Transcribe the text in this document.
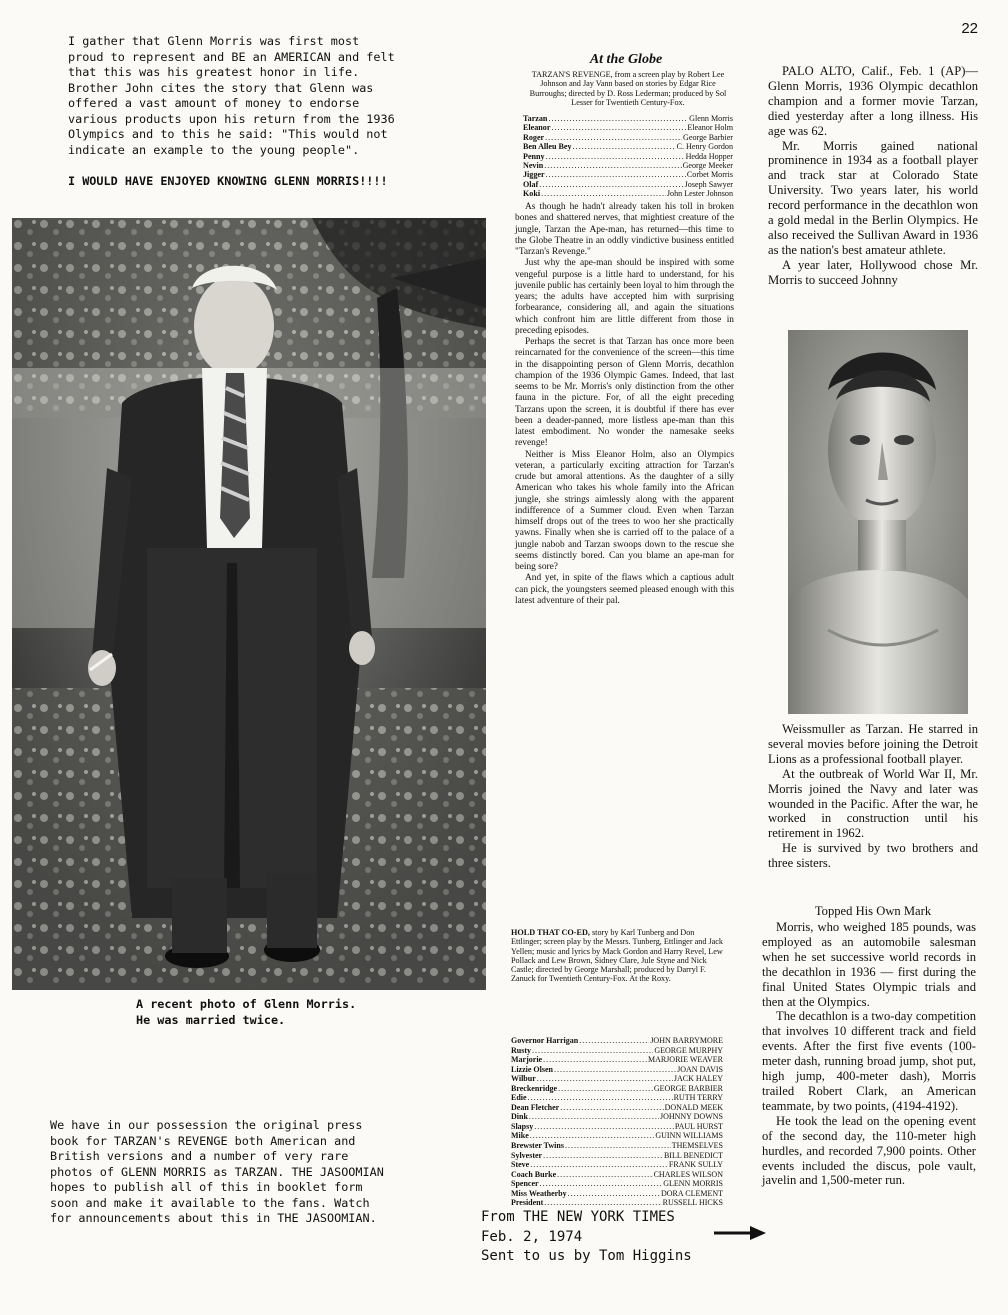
22
I gather that Glenn Morris was first most
proud to represent and BE an AMERICAN and felt
that this was his greatest honor in life.
Brother John cites the story that Glenn was
offered a vast amount of money to endorse
various products upon his return from the 1936
Olympics and to this he said: "This would not
indicate an example to the young people".
I WOULD HAVE ENJOYED KNOWING GLENN MORRIS!!!!
A recent photo of Glenn Morris.
He was married twice.
We have in our possession the original press
book for TARZAN's REVENGE both American and
British versions and a number of very rare
photos of GLENN MORRIS as TARZAN. THE JASOOMIAN
hopes to publish all of this in booklet form
soon and make it available to the fans. Watch
for announcements about this in THE JASOOMIAN.
At the Globe
TARZAN'S REVENGE, from a screen play by Robert Lee Johnson and Jay Vann based on stories by Edgar Rice Burroughs; directed by D. Ross Lederman; produced by Sol Lesser for Twentieth Century-Fox.
Tarzan .....	Glenn Morris
Eleanor .....	Eleanor Holm
Roger .....	George Barbier
Ben Alleu Bey .....	C. Henry Gordon
Penny .....	Hedda Hopper
Nevin .....	George Meeker
Jigger .....	Corbet Morris
Olaf .....	Joseph Sawyer
Koki .....	John Lester Johnson

As though he hadn't already taken his toll in broken bones and shattered nerves, that mightiest creature of the jungle, Tarzan the Ape-man, has returned—this time to the Globe Theatre in an oddly vindictive business entitled "Tarzan's Revenge."

Just why the ape-man should be inspired with some vengeful purpose is a little hard to understand, for his juvenile public has certainly been loyal to him through the years; the adults have accepted him with surprising forbearance, considering all, and again the situations which confront him are little different from those in preceding episodes.

Perhaps the secret is that Tarzan has once more been reincarnated for the convenience of the screen—this time in the disappointing person of Glenn Morris, decathlon champion of the 1936 Olympic Games. Indeed, that last seems to be Mr. Morris's only distinction from the other fauna in the picture. For, of all the eight preceding Tarzans upon the screen, it is doubtful if there has ever been a deader-panned, more listless ape-man than this latest embodiment. No wonder the namesake seeks revenge!

Neither is Miss Eleanor Holm, also an Olympics veteran, a particularly exciting attraction for Tarzan's crude but amoral attentions. As the daughter of a silly American who takes his whole family into the African jungle, she strings aimlessly along with the apparent indifference of a Summer cloud. Even when Tarzan himself drops out of the trees to woo her she practically yawns. Finally when she is carried off to the palace of a jungle nabob and Tarzan swoops down to the rescue she seems distinctly bored. Can you blame an ape-man for being sore?

And yet, in spite of the flaws which a captious adult can pick, the youngsters seemed pleased enough with this latest adventure of their pal.

HOLD THAT CO-ED, story by Karl Tunberg and Don Ettlinger; screen play by the Messrs. Tunberg, Ettlinger and Jack Yellen; music and lyrics by Mack Gordon and Harry Revel, Lew Pollack and Lew Brown, Sidney Clare, Jule Styne and Nick Castle; directed by George Marshall; produced by Darryl F. Zanuck for Twentieth Century-Fox. At the Roxy.
Governor Harrigan .....	JOHN BARRYMORE
Rusty .....	GEORGE MURPHY
Marjorie .....	MARJORIE WEAVER
Lizzie Olsen .....	JOAN DAVIS
Wilbur .....	JACK HALEY
Breckenridge .....	GEORGE BARBIER
Edie .....	RUTH TERRY
Dean Fletcher .....	DONALD MEEK
Dink .....	JOHNNY DOWNS
Slapsy .....	PAUL HURST
Mike .....	GUINN WILLIAMS
Brewster Twins .....	THEMSELVES
Sylvester .....	BILL BENEDICT
Steve .....	FRANK SULLY
Coach Burke .....	CHARLES WILSON
Spencer .....	GLENN MORRIS
Miss Weatherby .....	DORA CLEMENT
President .....	RUSSELL HICKS
From THE NEW YORK TIMES
Feb. 2, 1974
Sent to us by Tom Higgins

PALO ALTO, Calif., Feb. 1 (AP)—Glenn Morris, 1936 Olympic decathlon champion and a former movie Tarzan, died yesterday after a long illness. His age was 62.

Mr. Morris gained national prominence in 1934 as a football player and track star at Colorado State University. Two years later, his world record performance in the decathlon won a gold medal in the Berlin Olympics. He also received the Sullivan Award in 1936 as the nation's best amateur athlete.

A year later, Hollywood chose Mr. Morris to succeed Johnny

Weissmuller as Tarzan. He starred in several movies before joining the Detroit Lions as a professional football player.

At the outbreak of World War II, Mr. Morris joined the Navy and later was wounded in the Pacific. After the war, he worked in construction until his retirement in 1962.

He is survived by two brothers and three sisters.

Topped His Own Mark

Morris, who weighed 185 pounds, was employed as an automobile salesman when he set successive world records in the decathlon in 1936 — first during the final United States Olympic trials and then at the Olympics.

The decathlon is a two-day competition that involves 10 different track and field events. After the first five events (100-meter dash, running broad jump, shot put, high jump, 400-meter dash), Morris trailed Robert Clark, an American teammate, by two points, (4194-4192).

He took the lead on the opening event of the second day, the 110-meter high hurdles, and recorded 7,900 points. Other events included the discus, pole vault, javelin and 1,500-meter run.
